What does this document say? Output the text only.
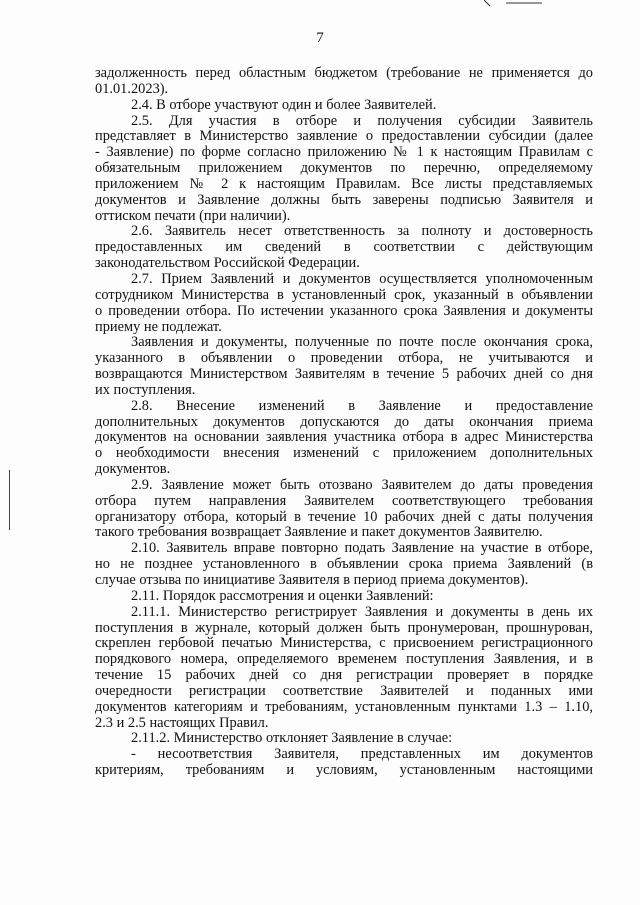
7
задолженность перед областным бюджетом (требование не применяется до
01.01.2023).
2.4. В отборе участвуют один и более Заявителей.
2.5. Для участия в отборе и получения субсидии Заявитель
представляет в Министерство заявление о предоставлении субсидии (далее
- Заявление) по форме согласно приложению № 1 к настоящим Правилам с
обязательным приложением документов по перечню, определяемому
приложением № 2 к настоящим Правилам. Все листы представляемых
документов и Заявление должны быть заверены подписью Заявителя и
оттиском печати (при наличии).
2.6. Заявитель несет ответственность за полноту и достоверность
предоставленных им сведений в соответствии с действующим
законодательством Российской Федерации.
2.7. Прием Заявлений и документов осуществляется уполномоченным
сотрудником Министерства в установленный срок, указанный в объявлении
о проведении отбора. По истечении указанного срока Заявления и документы
приему не подлежат.
Заявления и документы, полученные по почте после окончания срока,
указанного в объявлении о проведении отбора, не учитываются и
возвращаются Министерством Заявителям в течение 5 рабочих дней со дня
их поступления.
2.8. Внесение изменений в Заявление и предоставление
дополнительных документов допускаются до даты окончания приема
документов на основании заявления участника отбора в адрес Министерства
о необходимости внесения изменений с приложением дополнительных
документов.
2.9. Заявление может быть отозвано Заявителем до даты проведения
отбора путем направления Заявителем соответствующего требования
организатору отбора, который в течение 10 рабочих дней с даты получения
такого требования возвращает Заявление и пакет документов Заявителю.
2.10. Заявитель вправе повторно подать Заявление на участие в отборе,
но не позднее установленного в объявлении срока приема Заявлений (в
случае отзыва по инициативе Заявителя в период приема документов).
2.11. Порядок рассмотрения и оценки Заявлений:
2.11.1. Министерство регистрирует Заявления и документы в день их
поступления в журнале, который должен быть пронумерован, прошнурован,
скреплен гербовой печатью Министерства, с присвоением регистрационного
порядкового номера, определяемого временем поступления Заявления, и в
течение 15 рабочих дней со дня регистрации проверяет в порядке
очередности регистрации соответствие Заявителей и поданных ими
документов категориям и требованиям, установленным пунктами 1.3 – 1.10,
2.3 и 2.5 настоящих Правил.
2.11.2. Министерство отклоняет Заявление в случае:
- несоответствия Заявителя, представленных им документов
критериям, требованиям и условиям, установленным настоящими
